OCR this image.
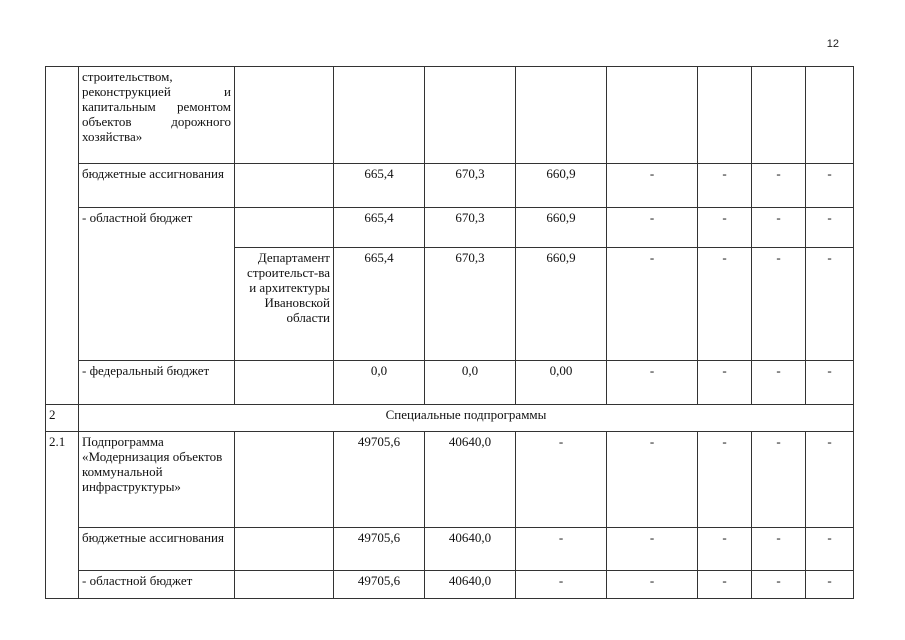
12
	строительством, реконструкцией и капитальным ремонтом объектов дорожного хозяйства»								
	бюджетные ассигнования		665,4	670,3	660,9	-	-	-	-
	- областной бюджет		665,4	670,3	660,9	-	-	-	-
		Департамент строительст-ва и архитектуры Ивановской области	665,4	670,3	660,9	-	-	-	-
	- федеральный бюджет		0,0	0,0	0,00	-	-	-	-
2	Специальные подпрограммы								
2.1	Подпрограмма «Модернизация объектов коммунальной инфраструктуры»		49705,6	40640,0	-	-	-	-	-
	бюджетные ассигнования		49705,6	40640,0	-	-	-	-	-
	- областной бюджет		49705,6	40640,0	-	-	-	-	-
